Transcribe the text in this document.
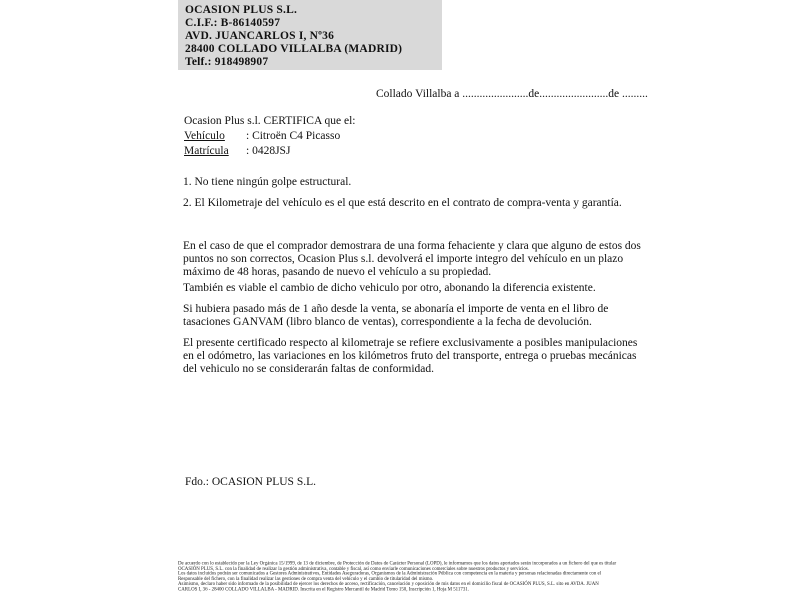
OCASION PLUS S.L.
C.I.F.: B-86140597
AVD. JUANCARLOS I, Nº36
28400 COLLADO VILLALBA (MADRID)
Telf.: 918498907
Collado Villalba a .......................de........................de .........
Ocasion Plus s.l. CERTIFICA que el:
Vehículo : Citroën C4 Picasso
Matrícula : 0428JSJ
1. No tiene ningún golpe estructural.
2. El Kilometraje del vehículo es el que está descrito en el contrato de compra-venta y garantía.
En el caso de que el comprador demostrara de una forma fehaciente y clara que alguno de estos dos puntos no son correctos, Ocasion Plus s.l. devolverá el importe integro del vehículo en un plazo máximo de 48 horas, pasando de nuevo el vehículo a su propiedad.
También es viable el cambio de dicho vehiculo por otro, abonando la diferencia existente.
Si hubiera pasado más de 1 año desde la venta, se abonaría el importe de venta en el libro de tasaciones GANVAM (libro blanco de ventas), correspondiente a la fecha de devolución.
El presente certificado respecto al kilometraje se refiere exclusivamente a posibles manipulaciones en el odómetro, las variaciones en los kilómetros fruto del transporte, entrega o pruebas mecánicas del vehiculo no se considerarán faltas de conformidad.
Fdo.: OCASION PLUS S.L.
De acuerdo con lo establecido por la Ley Orgánica 15/1999, de 13 de diciembre, de Protección de Datos de Carácter Personal (LOPD), le informamos que los datos aportados serán incorporados a un fichero del que es titular
OCASIÓN PLUS, S.L. con la finalidad de realizar la gestión administrativa, contable y fiscal, así como enviarle comunicaciones comerciales sobre nuestros productos y servicios.
Los datos incluidos podrán ser comunicados a Gestores Administrativos, Entidades Aseguradoras, Organismos de la Administración Pública con competencia en la materia y personas relacionadas directamente con el
Responsable del fichero, con la finalidad realizar las gestiones de compra venta del vehículo y el cambio de titularidad del mismo.
Asimismo, declaro haber sido informado de la posibilidad de ejercer los derechos de acceso, rectificación, cancelación y oposición de mis datos en el domicilio fiscal de OCASIÓN PLUS, S.L. sito en AVDA. JUAN
CARLOS I, 36 - 28400 COLLADO VILLALBA - MADRID. Inscrita en el Registro Mercantil de Madrid Tomo 150, Inscripción 1, Hoja M 511731.
